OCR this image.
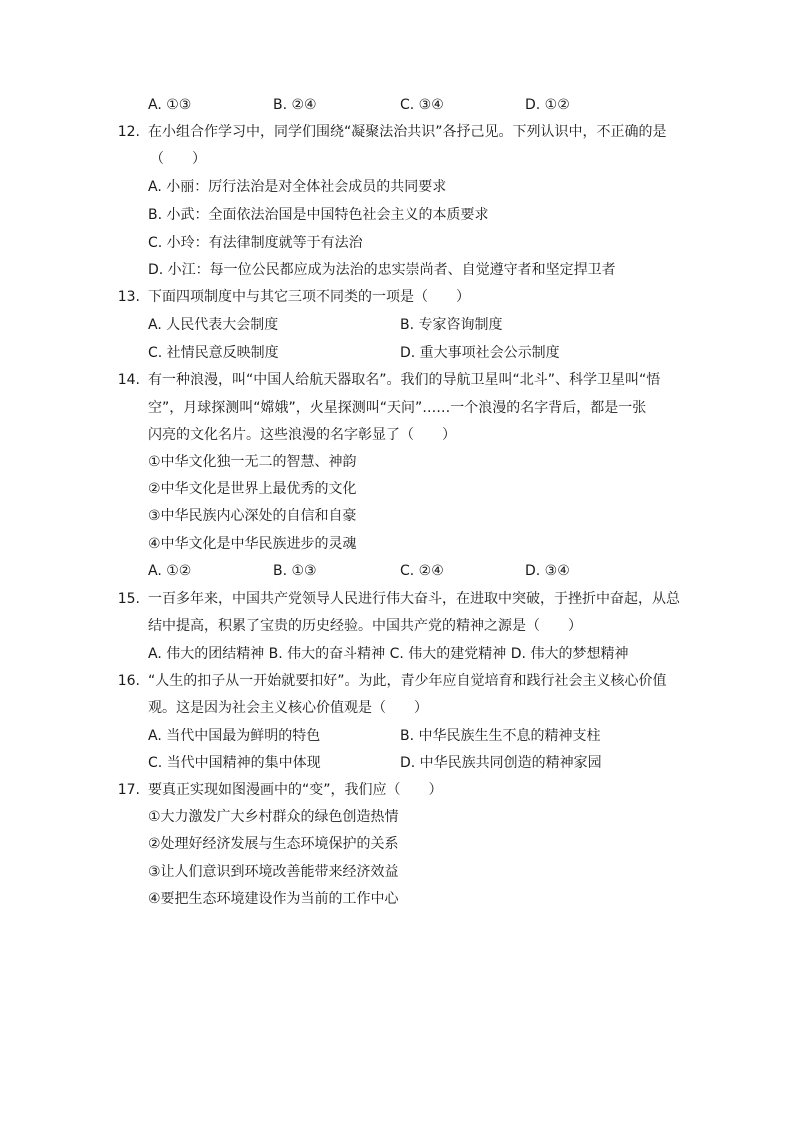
A. ①③	B. ②④	C. ③④	D. ①②
12. 在小组合作学习中，同学们围绕“凝聚法治共识”各抒己见。下列认识中，不正确的是
（　　）
A. 小丽：厉行法治是对全体社会成员的共同要求
B. 小武：全面依法治国是中国特色社会主义的本质要求
C. 小玲：有法律制度就等于有法治
D. 小江：每一位公民都应成为法治的忠实崇尚者、自觉遵守者和坚定捍卫者
13. 下面四项制度中与其它三项不同类的一项是（　　）
A. 人民代表大会制度	B. 专家咨询制度
C. 社情民意反映制度	D. 重大事项社会公示制度
14. 有一种浪漫，叫“中国人给航天器取名”。我们的导航卫星叫“北斗”、科学卫星叫“悟
空”，月球探测叫“嫦娥”，火星探测叫“天问”……一个浪漫的名字背后，都是一张
闪亮的文化名片。这些浪漫的名字彰显了（　　）
①中华文化独一无二的智慧、神韵
②中华文化是世界上最优秀的文化
③中华民族内心深处的自信和自豪
④中华文化是中华民族进步的灵魂
A. ①②	B. ①③	C. ②④	D. ③④
15. 一百多年来，中国共产党领导人民进行伟大奋斗，在进取中突破，于挫折中奋起，从总
结中提高，积累了宝贵的历史经验。中国共产党的精神之源是（　　）
A. 伟大的团结精神 B. 伟大的奋斗精神 C. 伟大的建党精神 D. 伟大的梦想精神
16. “人生的扣子从一开始就要扣好”。为此，青少年应自觉培育和践行社会主义核心价值
观。这是因为社会主义核心价值观是（　　）
A. 当代中国最为鲜明的特色	B. 中华民族生生不息的精神支柱
C. 当代中国精神的集中体现	D. 中华民族共同创造的精神家园
17. 要真正实现如图漫画中的“变”，我们应（　　）
①大力激发广大乡村群众的绿色创造热情
②处理好经济发展与生态环境保护的关系
③让人们意识到环境改善能带来经济效益
④要把生态环境建设作为当前的工作中心
